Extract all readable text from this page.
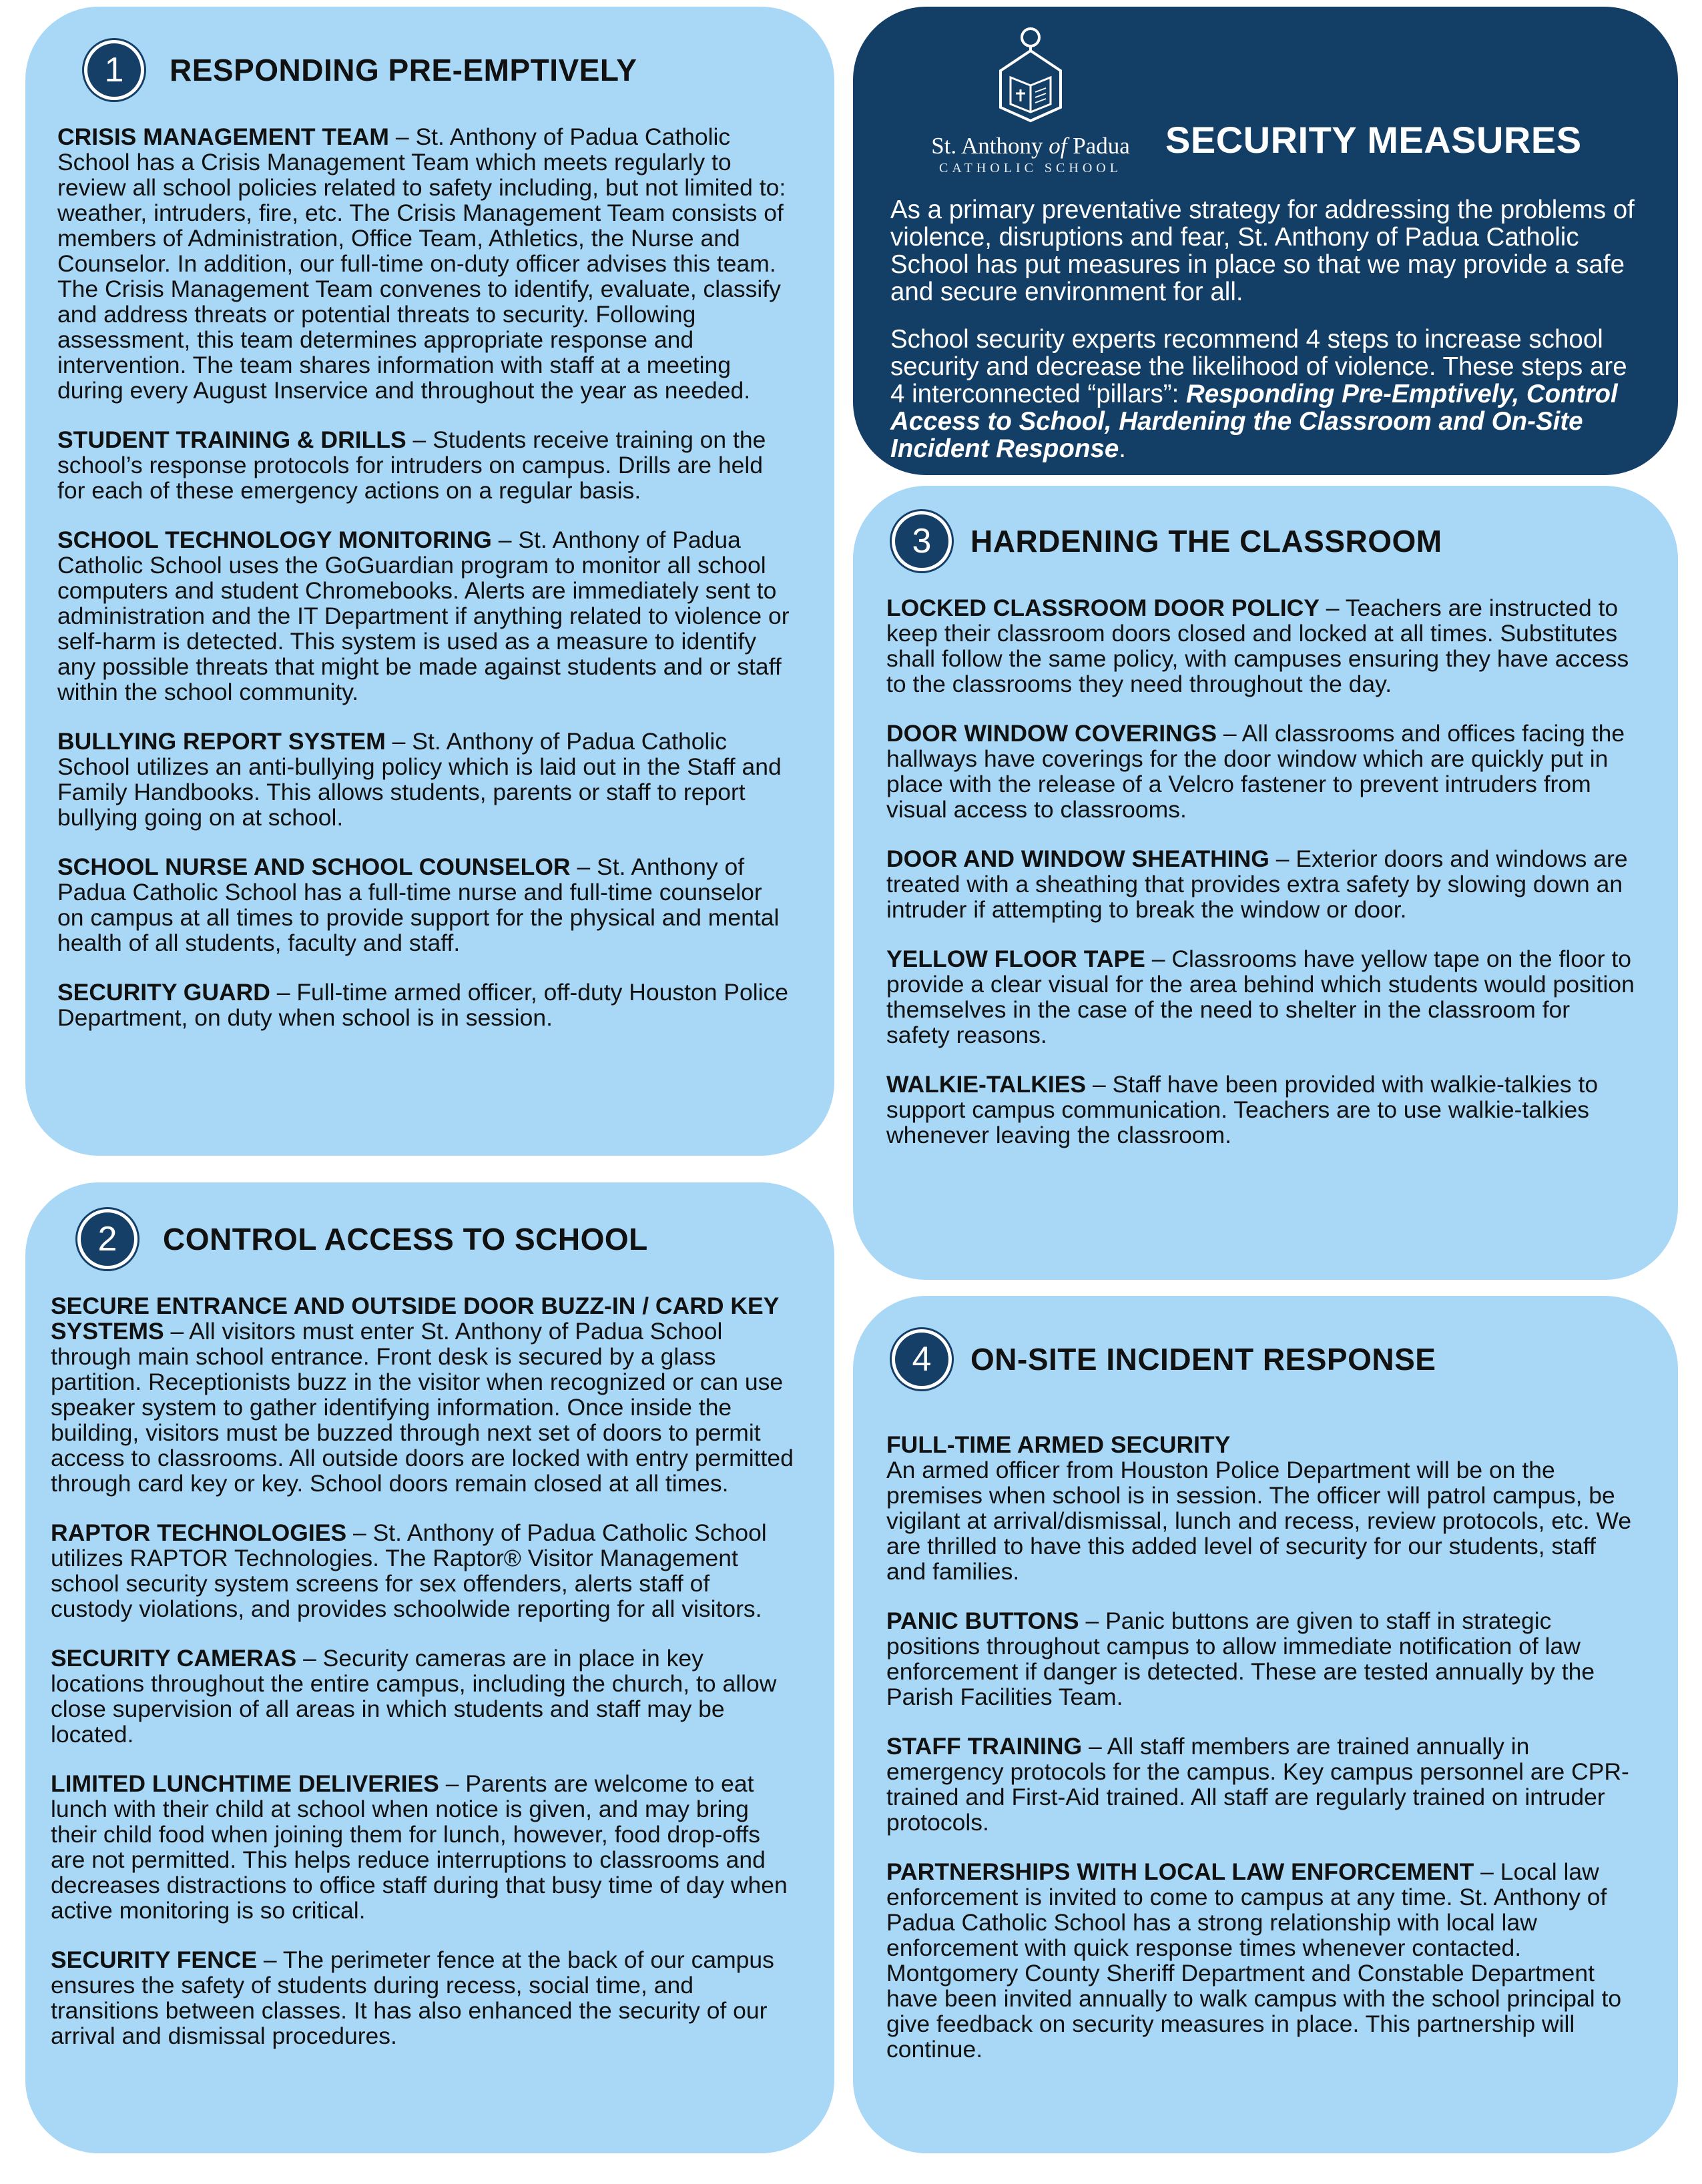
1	RESPONDING PRE-EMPTIVELY

CRISIS MANAGEMENT TEAM – St. Anthony of Padua Catholic School has a Crisis Management Team which meets regularly to review all school policies related to safety including, but not limited to: weather, intruders, fire, etc. The Crisis Management Team consists of members of Administration, Office Team, Athletics, the Nurse and Counselor. In addition, our full-time on-duty officer advises this team. The Crisis Management Team convenes to identify, evaluate, classify and address threats or potential threats to security. Following assessment, this team determines appropriate response and intervention. The team shares information with staff at a meeting during every August Inservice and throughout the year as needed.

STUDENT TRAINING & DRILLS – Students receive training on the school’s response protocols for intruders on campus. Drills are held for each of these emergency actions on a regular basis.

SCHOOL TECHNOLOGY MONITORING – St. Anthony of Padua Catholic School uses the GoGuardian program to monitor all school computers and student Chromebooks. Alerts are immediately sent to administration and the IT Department if anything related to violence or self-harm is detected. This system is used as a measure to identify any possible threats that might be made against students and or staff within the school community.

BULLYING REPORT SYSTEM – St. Anthony of Padua Catholic School utilizes an anti-bullying policy which is laid out in the Staff and Family Handbooks. This allows students, parents or staff to report bullying going on at school.

SCHOOL NURSE AND SCHOOL COUNSELOR – St. Anthony of Padua Catholic School has a full-time nurse and full-time counselor on campus at all times to provide support for the physical and mental health of all students, faculty and staff.

SECURITY GUARD – Full-time armed officer, off-duty Houston Police Department, on duty when school is in session.

2	CONTROL ACCESS TO SCHOOL

SECURE ENTRANCE AND OUTSIDE DOOR BUZZ-IN / CARD KEY SYSTEMS – All visitors must enter St. Anthony of Padua School through main school entrance. Front desk is secured by a glass partition. Receptionists buzz in the visitor when recognized or can use speaker system to gather identifying information. Once inside the building, visitors must be buzzed through next set of doors to permit access to classrooms. All outside doors are locked with entry permitted through card key or key. School doors remain closed at all times.

RAPTOR TECHNOLOGIES – St. Anthony of Padua Catholic School utilizes RAPTOR Technologies. The Raptor® Visitor Management school security system screens for sex offenders, alerts staff of custody violations, and provides schoolwide reporting for all visitors.

SECURITY CAMERAS – Security cameras are in place in key locations throughout the entire campus, including the church, to allow close supervision of all areas in which students and staff may be located.

LIMITED LUNCHTIME DELIVERIES – Parents are welcome to eat lunch with their child at school when notice is given, and may bring their child food when joining them for lunch, however, food drop-offs are not permitted. This helps reduce interruptions to classrooms and decreases distractions to office staff during that busy time of day when active monitoring is so critical.

SECURITY FENCE – The perimeter fence at the back of our campus ensures the safety of students during recess, social time, and transitions between classes. It has also enhanced the security of our arrival and dismissal procedures.

St. Anthony of Padua
CATHOLIC SCHOOL
SECURITY MEASURES

As a primary preventative strategy for addressing the problems of violence, disruptions and fear, St. Anthony of Padua Catholic School has put measures in place so that we may provide a safe and secure environment for all.

School security experts recommend 4 steps to increase school security and decrease the likelihood of violence. These steps are 4 interconnected “pillars”: Responding Pre-Emptively, Control Access to School, Hardening the Classroom and On-Site Incident Response.

3	HARDENING THE CLASSROOM

LOCKED CLASSROOM DOOR POLICY – Teachers are instructed to keep their classroom doors closed and locked at all times. Substitutes shall follow the same policy, with campuses ensuring they have access to the classrooms they need throughout the day.

DOOR WINDOW COVERINGS – All classrooms and offices facing the hallways have coverings for the door window which are quickly put in place with the release of a Velcro fastener to prevent intruders from visual access to classrooms.

DOOR AND WINDOW SHEATHING – Exterior doors and windows are treated with a sheathing that provides extra safety by slowing down an intruder if attempting to break the window or door.

YELLOW FLOOR TAPE – Classrooms have yellow tape on the floor to provide a clear visual for the area behind which students would position themselves in the case of the need to shelter in the classroom for safety reasons.

WALKIE-TALKIES – Staff have been provided with walkie-talkies to support campus communication. Teachers are to use walkie-talkies whenever leaving the classroom.

4	ON-SITE INCIDENT RESPONSE
FULL-TIME ARMED SECURITY
An armed officer from Houston Police Department will be on the premises when school is in session. The officer will patrol campus, be vigilant at arrival/dismissal, lunch and recess, review protocols, etc. We are thrilled to have this added level of security for our students, staff and families.

PANIC BUTTONS – Panic buttons are given to staff in strategic positions throughout campus to allow immediate notification of law enforcement if danger is detected. These are tested annually by the Parish Facilities Team.

STAFF TRAINING – All staff members are trained annually in emergency protocols for the campus. Key campus personnel are CPR-trained and First-Aid trained. All staff are regularly trained on intruder protocols.

PARTNERSHIPS WITH LOCAL LAW ENFORCEMENT – Local law enforcement is invited to come to campus at any time. St. Anthony of Padua Catholic School has a strong relationship with local law enforcement with quick response times whenever contacted. Montgomery County Sheriff Department and Constable Department have been invited annually to walk campus with the school principal to give feedback on security measures in place. This partnership will continue.
